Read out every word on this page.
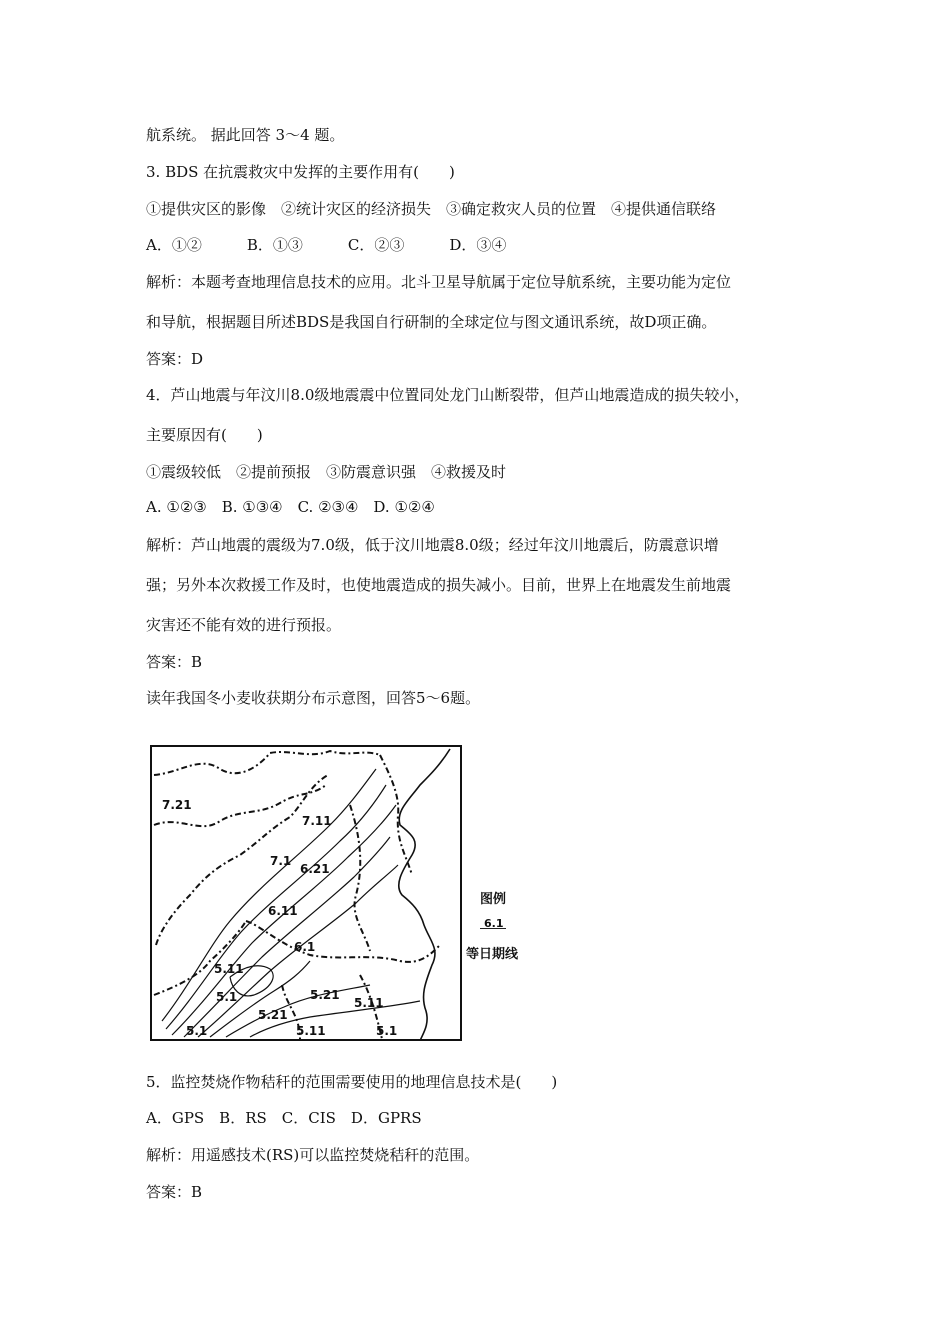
航系统。 据此回答 3～4 题。
3. BDS 在抗震救灾中发挥的主要作用有(　　)
①提供灾区的影像　②统计灾区的经济损失　③确定救灾人员的位置　④提供通信联络
A．①②　　　B．①③　　　C．②③　　　D．③④
解析：本题考查地理信息技术的应用。北斗卫星导航属于定位导航系统，主要功能为定位
和导航，根据题目所述BDS是我国自行研制的全球定位与图文通讯系统，故D项正确。
答案：D
4．芦山地震与年汶川8.0级地震震中位置同处龙门山断裂带，但芦山地震造成的损失较小，
主要原因有(　　)
①震级较低　②提前预报　③防震意识强　④救援及时
A. ①②③　B. ①③④　C. ②③④　D. ①②④
解析：芦山地震的震级为7.0级，低于汶川地震8.0级；经过年汶川地震后，防震意识增
强；另外本次救援工作及时，也使地震造成的损失减小。目前，世界上在地震发生前地震
灾害还不能有效的进行预报。
答案：B
读年我国冬小麦收获期分布示意图，回答5～6题。
7.21
7.11
7.1
6.21
6.11
6.1
5.11
5.1
5.21
5.21
5.11
5.1	5.11	5.1
图例
6.1
等日期线
5．监控焚烧作物秸秆的范围需要使用的地理信息技术是(　　)
A．GPS　B．RS　C．CIS　D．GPRS
解析：用遥感技术(RS)可以监控焚烧秸秆的范围。
答案：B
